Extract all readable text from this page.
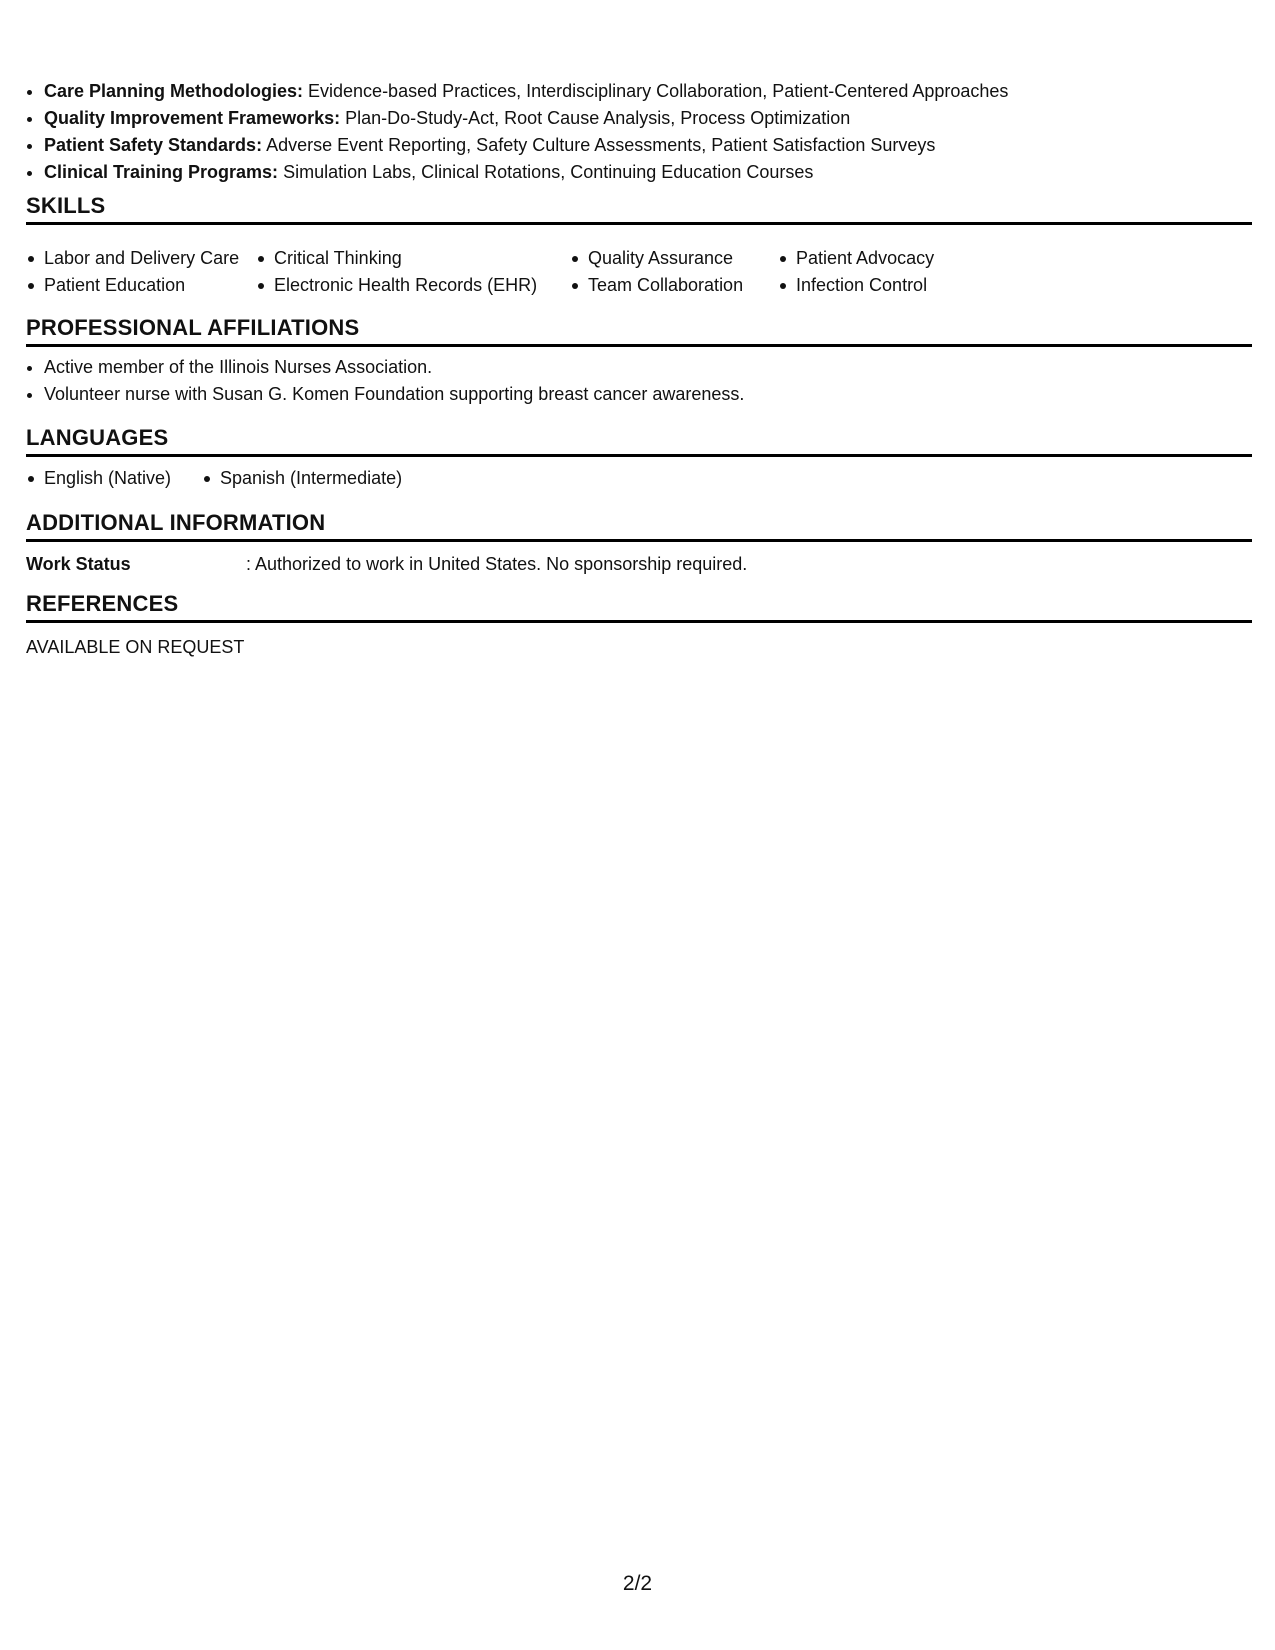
• Care Planning Methodologies: Evidence-based Practices, Interdisciplinary Collaboration, Patient-Centered Approaches
• Quality Improvement Frameworks: Plan-Do-Study-Act, Root Cause Analysis, Process Optimization
• Patient Safety Standards: Adverse Event Reporting, Safety Culture Assessments, Patient Satisfaction Surveys
• Clinical Training Programs: Simulation Labs, Clinical Rotations, Continuing Education Courses
SKILLS
Labor and Delivery Care
Patient Education
Critical Thinking
Electronic Health Records (EHR)
Quality Assurance
Team Collaboration
Patient Advocacy
Infection Control
PROFESSIONAL AFFILIATIONS
• Active member of the Illinois Nurses Association.
• Volunteer nurse with Susan G. Komen Foundation supporting breast cancer awareness.
LANGUAGES
English (Native)	Spanish (Intermediate)
ADDITIONAL INFORMATION
Work Status	: Authorized to work in United States. No sponsorship required.
REFERENCES
AVAILABLE ON REQUEST
2/2
